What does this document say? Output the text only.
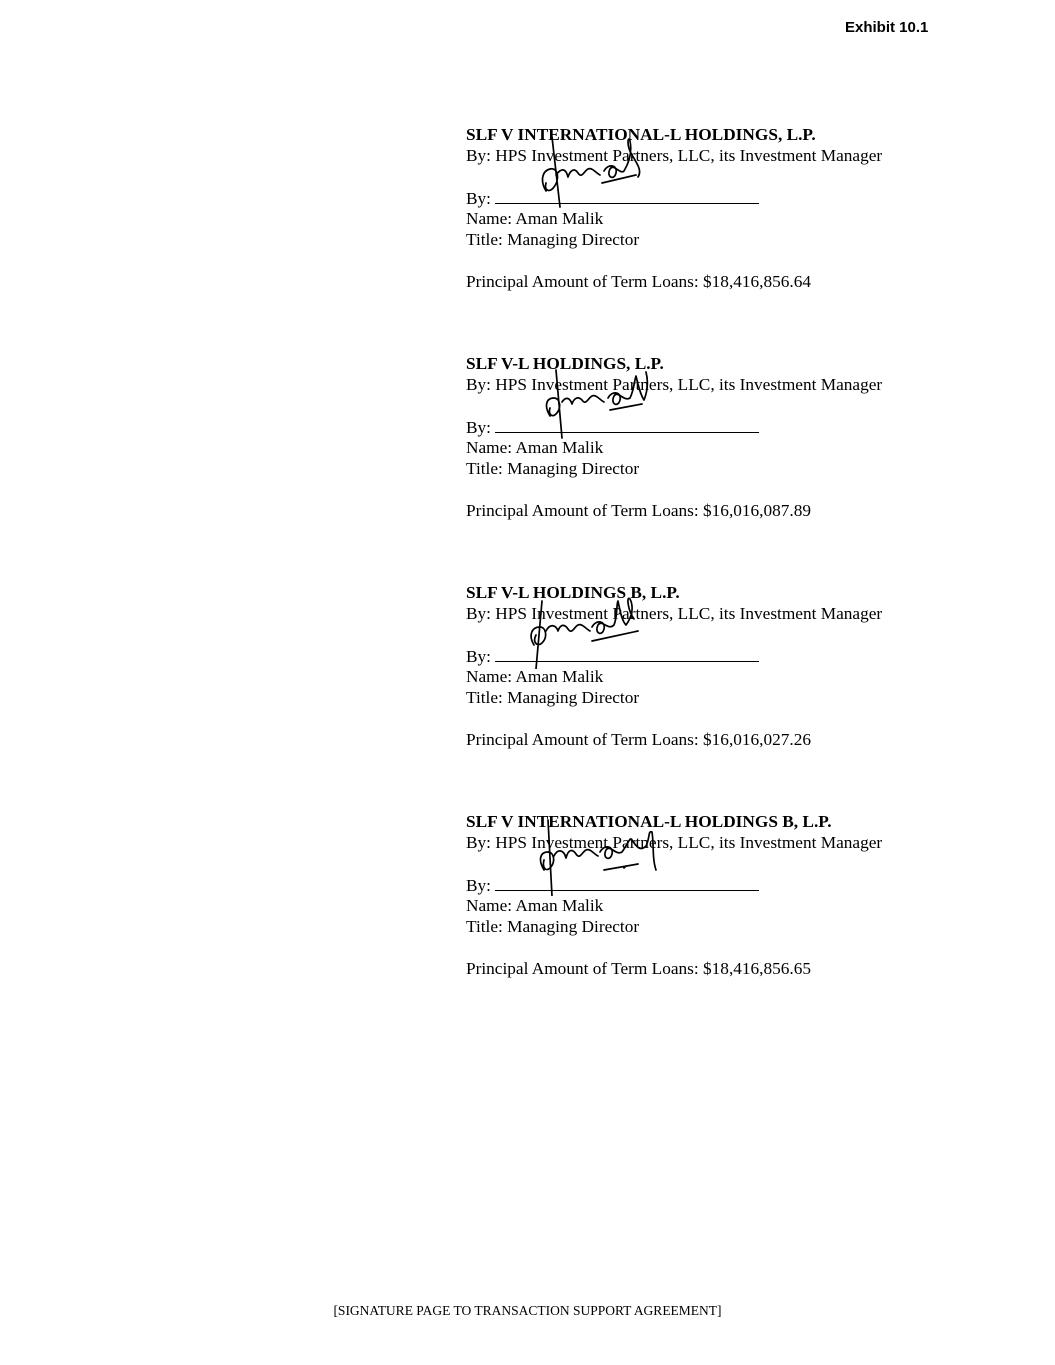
Exhibit 10.1
SLF V INTERNATIONAL-L HOLDINGS, L.P.
By: HPS Investment Partners, LLC, its Investment Manager
By:
Name: Aman Malik
Title: Managing Director
Principal Amount of Term Loans: $18,416,856.64
SLF V-L HOLDINGS, L.P.
By: HPS Investment Partners, LLC, its Investment Manager
By:
Name: Aman Malik
Title: Managing Director
Principal Amount of Term Loans: $16,016,087.89
SLF V-L HOLDINGS B, L.P.
By: HPS Investment Partners, LLC, its Investment Manager
By:
Name: Aman Malik
Title: Managing Director
Principal Amount of Term Loans: $16,016,027.26
SLF V INTERNATIONAL-L HOLDINGS B, L.P.
By: HPS Investment Partners, LLC, its Investment Manager
By:
Name: Aman Malik
Title: Managing Director
Principal Amount of Term Loans: $18,416,856.65
[SIGNATURE PAGE TO TRANSACTION SUPPORT AGREEMENT]
